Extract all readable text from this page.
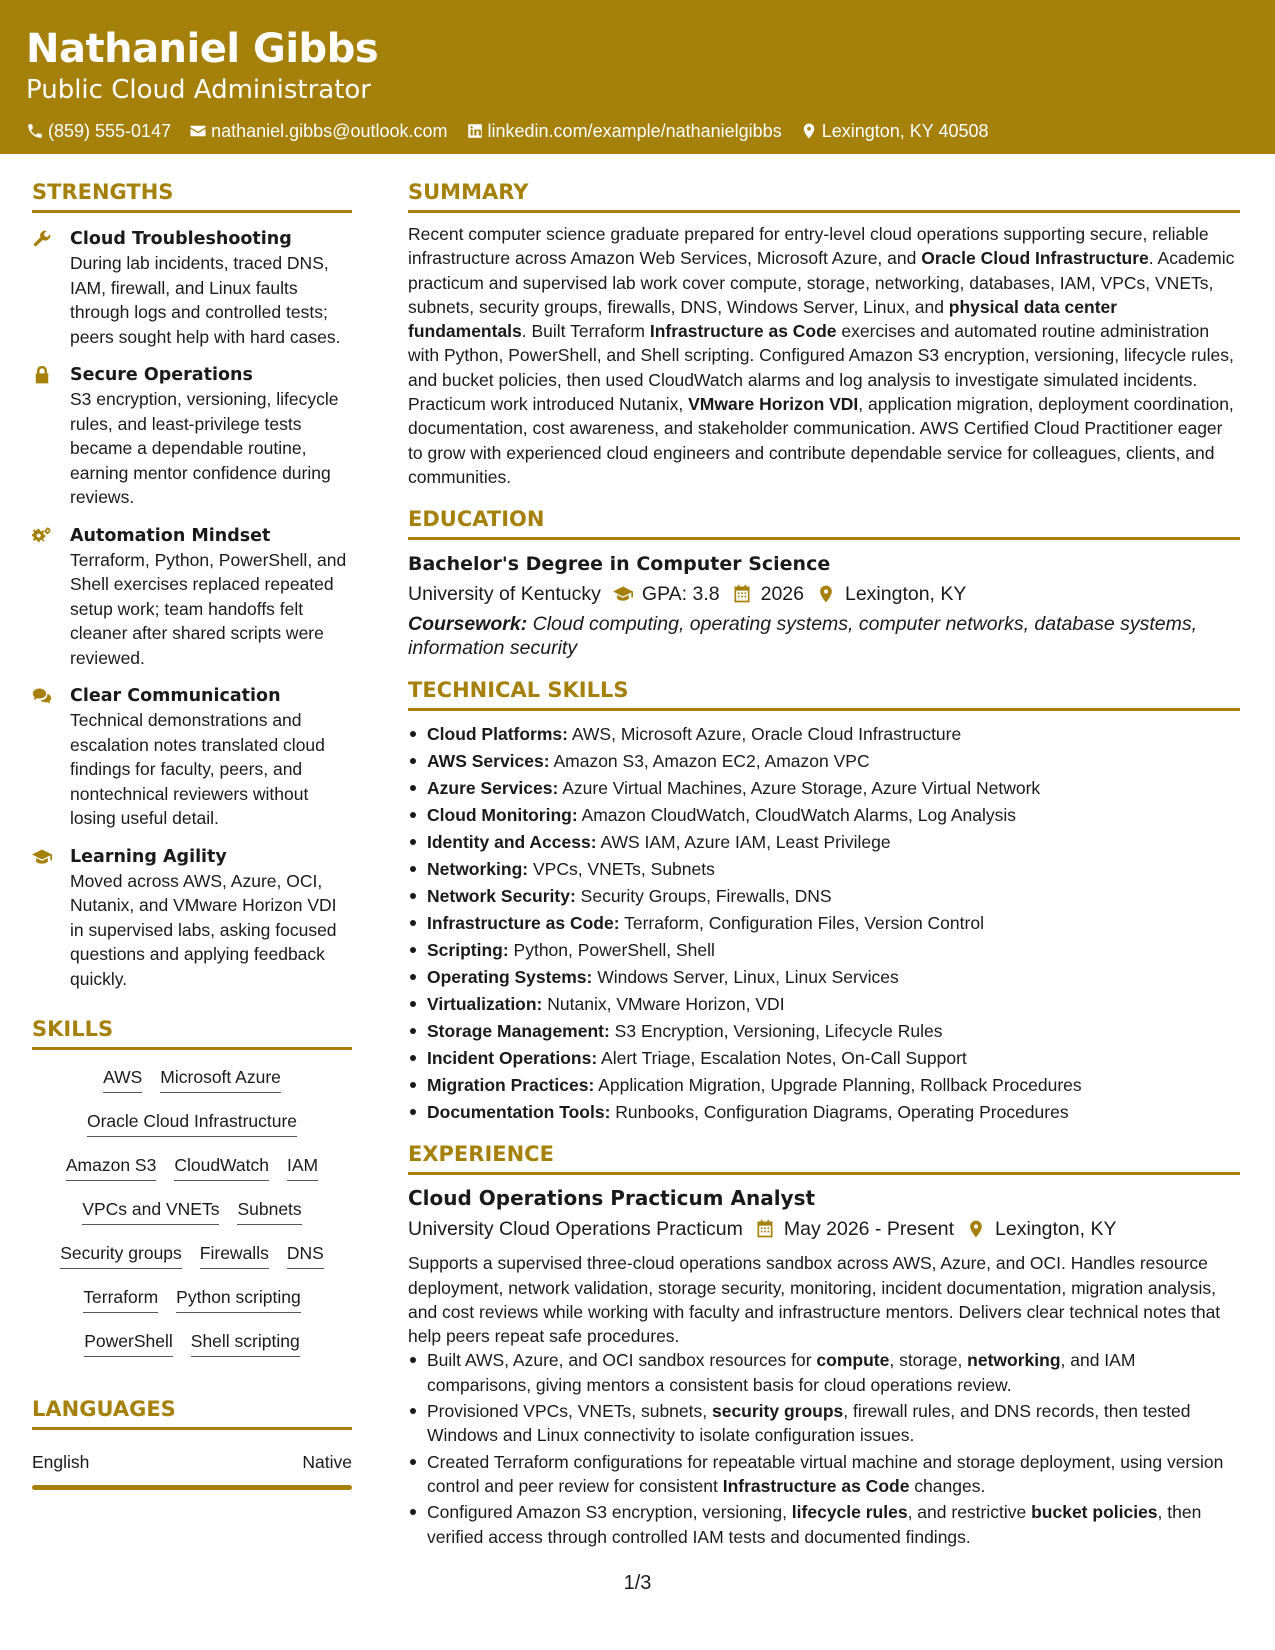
Nathaniel Gibbs
Public Cloud Administrator
(859) 555-0147 nathaniel.gibbs@outlook.com linkedin.com/example/nathanielgibbs Lexington, KY 40508
STRENGTHS
Cloud Troubleshooting
During lab incidents, traced DNS, IAM, firewall, and Linux faults through logs and controlled tests; peers sought help with hard cases.
Secure Operations
S3 encryption, versioning, lifecycle rules, and least-privilege tests became a dependable routine, earning mentor confidence during reviews.
Automation Mindset
Terraform, Python, PowerShell, and Shell exercises replaced repeated setup work; team handoffs felt cleaner after shared scripts were reviewed.
Clear Communication
Technical demonstrations and escalation notes translated cloud findings for faculty, peers, and nontechnical reviewers without losing useful detail.
Learning Agility
Moved across AWS, Azure, OCI, Nutanix, and VMware Horizon VDI in supervised labs, asking focused questions and applying feedback quickly.
SKILLS
AWS Microsoft Azure
Oracle Cloud Infrastructure
Amazon S3 CloudWatch IAM
VPCs and VNETs Subnets
Security groups Firewalls DNS
Terraform Python scripting
PowerShell Shell scripting
LANGUAGES
English	Native
SUMMARY

Recent computer science graduate prepared for entry-level cloud operations supporting secure, reliable infrastructure across Amazon Web Services, Microsoft Azure, and Oracle Cloud Infrastructure. Academic practicum and supervised lab work cover compute, storage, networking, databases, IAM, VPCs, VNETs, subnets, security groups, firewalls, DNS, Windows Server, Linux, and physical data center fundamentals. Built Terraform Infrastructure as Code exercises and automated routine administration with Python, PowerShell, and Shell scripting. Configured Amazon S3 encryption, versioning, lifecycle rules, and bucket policies, then used CloudWatch alarms and log analysis to investigate simulated incidents. Practicum work introduced Nutanix, VMware Horizon VDI, application migration, deployment coordination, documentation, cost awareness, and stakeholder communication. AWS Certified Cloud Practitioner eager to grow with experienced cloud engineers and contribute dependable service for colleagues, clients, and communities.

EDUCATION
Bachelor's Degree in Computer Science
University of Kentucky GPA: 3.8 2026 Lexington, KY
Coursework: Cloud computing, operating systems, computer networks, database systems, information security
TECHNICAL SKILLS
Cloud Platforms: AWS, Microsoft Azure, Oracle Cloud Infrastructure
AWS Services: Amazon S3, Amazon EC2, Amazon VPC
Azure Services: Azure Virtual Machines, Azure Storage, Azure Virtual Network
Cloud Monitoring: Amazon CloudWatch, CloudWatch Alarms, Log Analysis
Identity and Access: AWS IAM, Azure IAM, Least Privilege
Networking: VPCs, VNETs, Subnets
Network Security: Security Groups, Firewalls, DNS
Infrastructure as Code: Terraform, Configuration Files, Version Control
Scripting: Python, PowerShell, Shell
Operating Systems: Windows Server, Linux, Linux Services
Virtualization: Nutanix, VMware Horizon, VDI
Storage Management: S3 Encryption, Versioning, Lifecycle Rules
Incident Operations: Alert Triage, Escalation Notes, On-Call Support
Migration Practices: Application Migration, Upgrade Planning, Rollback Procedures
Documentation Tools: Runbooks, Configuration Diagrams, Operating Procedures
EXPERIENCE
Cloud Operations Practicum Analyst
University Cloud Operations Practicum May 2026 - Present Lexington, KY

Supports a supervised three-cloud operations sandbox across AWS, Azure, and OCI. Handles resource deployment, network validation, storage security, monitoring, incident documentation, migration analysis, and cost reviews while working with faculty and infrastructure mentors. Delivers clear technical notes that help peers repeat safe procedures.

Built AWS, Azure, and OCI sandbox resources for compute, storage, networking, and IAM comparisons, giving mentors a consistent basis for cloud operations review.
Provisioned VPCs, VNETs, subnets, security groups, firewall rules, and DNS records, then tested Windows and Linux connectivity to isolate configuration issues.
Created Terraform configurations for repeatable virtual machine and storage deployment, using version control and peer review for consistent Infrastructure as Code changes.
Configured Amazon S3 encryption, versioning, lifecycle rules, and restrictive bucket policies, then verified access through controlled IAM tests and documented findings.
1/3
